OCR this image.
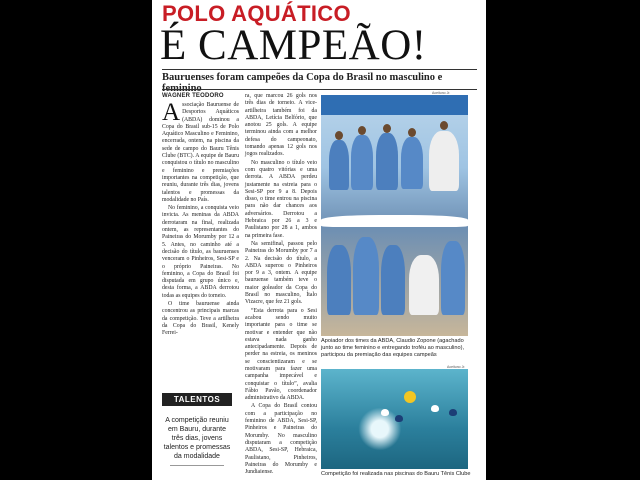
POLO AQUÁTICO
É CAMPEÃO!
Bauruenses foram campeões da Copa do Brasil no masculino e
WAGNER TEODORO

Associação Bauruense de Desportos Aquáticos (ABDA) dominou a Copa do Brasil sub-15 de Polo Aquático Masculino e Feminino, encerrada, ontem, na piscina da sede de campo do Bauru Tênis Clube (BTC). A equipe de Bauru conquistou o título no masculino e feminino e premiações importantes na competição, que reuniu, durante três dias, jovens talentos e promessas da modalidade no País.

No feminino, a conquista veio invicta. As meninas da ABDA derrotaram na final, realizada ontem, as representantes do Paineiras do Morumby por 12 a 5. Antes, no caminho até a decisão do título, as bauruenses venceram o Pinheiros, Sesi-SP e o próprio Paineiras. No feminino, a Copa do Brasil foi disputada em grupo único e, desta forma, a ABDA derrotou todas as equipes do torneio.

O time bauruense ainda concentrou as principais marcas da competição. Teve a artilheira da Copa do Brasil, Kenely Ferrei-

ra, que marcou 26 gols nos três dias de torneio. A vice-artilheira também foi da ABDA, Letícia Belfório, que anotou 25 gols. A equipe terminou ainda com a melhor defesa do campeonato, tomando apenas 12 gols nos jogos realizados.

No masculino o título veio com quatro vitórias e uma derrota. A ABDA perdeu justamente na estreia para o Sesi-SP por 9 a 8. Depois disso, o time entrou na piscina para não dar chances aos adversários. Derrotou a Hebraica por 26 a 3 e Paulistano por 28 a 1, ambos na primeira fase.

Na semifinal, passou pelo Paineiras do Morumby por 7 a 2. Na decisão do título, a ABDA superou o Pinheiros por 9 a 3, ontem. A equipe bauruense também teve o maior goleador da Copa do Brasil no masculino, Ítalo Vizacre, que fez 21 gols.

“Esta derrota para o Sesi acabou sendo muito importante para o time se motivar e entender que não estava nada ganho antecipadamente. Depois de perder na estreia, os meninos se conscientizaram e se motivaram para fazer uma campanha impecável e conquistar o título”, avalia Fábio Pavão, coordenador administrativo da ABDA.

A Copa do Brasil contou com a participação no feminino de ABDA, Sesi-SP, Pinheiros e Paineiras do Morumby. No masculino disputaram a competição ABDA, Sesi-SP, Hebraica, Paulistano, Pinheiros, Paineiras do Morumby e Jundiaiense.

TALENTOS
A competição reuniu em Bauru, durante três dias, jovens talentos e promessas da modalidade
Aceituno Jr.
Apoiador dos times da ABDA, Claudio Zopone (agachado junto ao time feminino e entregando troféu ao masculino), participou da premiação das equipes campeãs
Aceituno Jr.
Competição foi realizada nas piscinas do Bauru Tênis Clube
